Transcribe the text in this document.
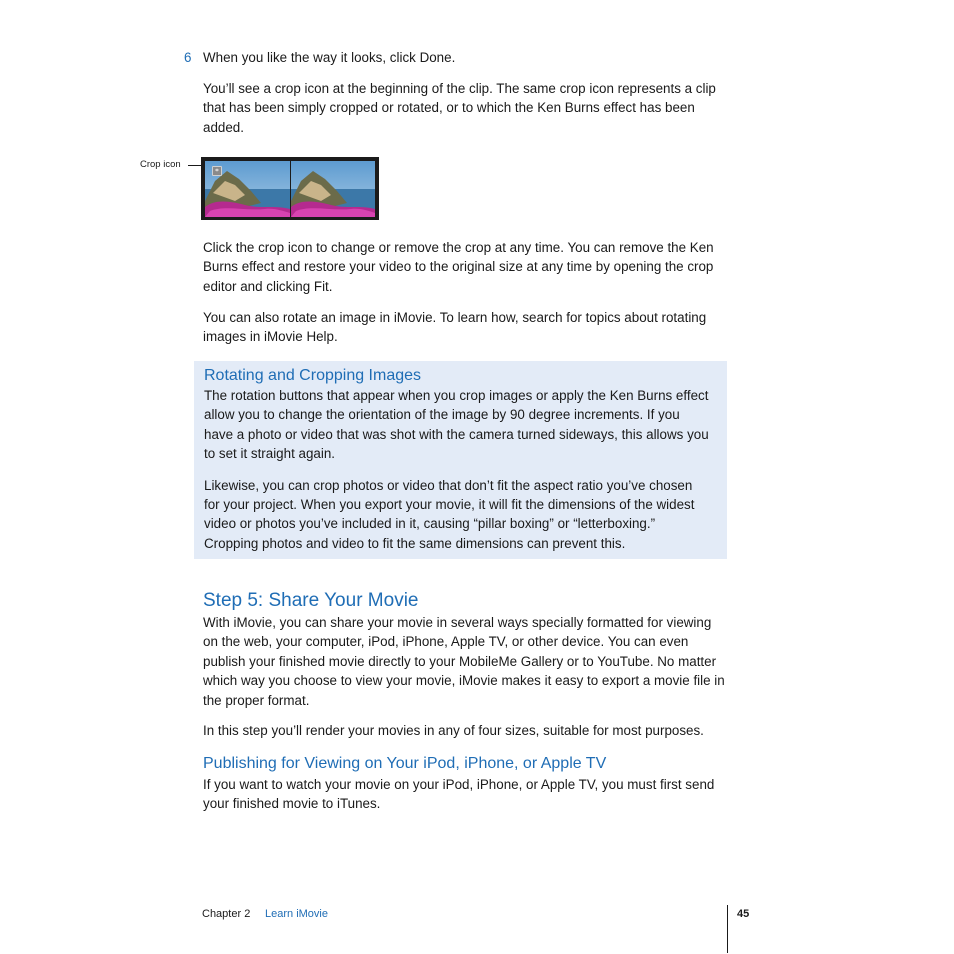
6 When you like the way it looks, click Done.

You’ll see a crop icon at the beginning of the clip. The same crop icon represents a clip that has been simply cropped or rotated, or to which the Ken Burns effect has been added.

Crop icon
⌗

Click the crop icon to change or remove the crop at any time. You can remove the Ken Burns effect and restore your video to the original size at any time by opening the crop editor and clicking Fit.

You can also rotate an image in iMovie. To learn how, search for topics about rotating images in iMovie Help.

Rotating and Cropping Images

The rotation buttons that appear when you crop images or apply the Ken Burns effect allow you to change the orientation of the image by 90 degree increments. If you have a photo or video that was shot with the camera turned sideways, this allows you to set it straight again.

Likewise, you can crop photos or video that don’t fit the aspect ratio you’ve chosen for your project. When you export your movie, it will fit the dimensions of the widest video or photos you’ve included in it, causing “pillar boxing” or “letterboxing.” Cropping photos and video to fit the same dimensions can prevent this.

Step 5: Share Your Movie

With iMovie, you can share your movie in several ways specially formatted for viewing on the web, your computer, iPod, iPhone, Apple TV, or other device. You can even publish your finished movie directly to your MobileMe Gallery or to YouTube. No matter which way you choose to view your movie, iMovie makes it easy to export a movie file in the proper format.

In this step you’ll render your movies in any of four sizes, suitable for most purposes.

Publishing for Viewing on Your iPod, iPhone, or Apple TV

If you want to watch your movie on your iPod, iPhone, or Apple TV, you must first send your finished movie to iTunes.

Chapter 2 Learn iMovie	45
